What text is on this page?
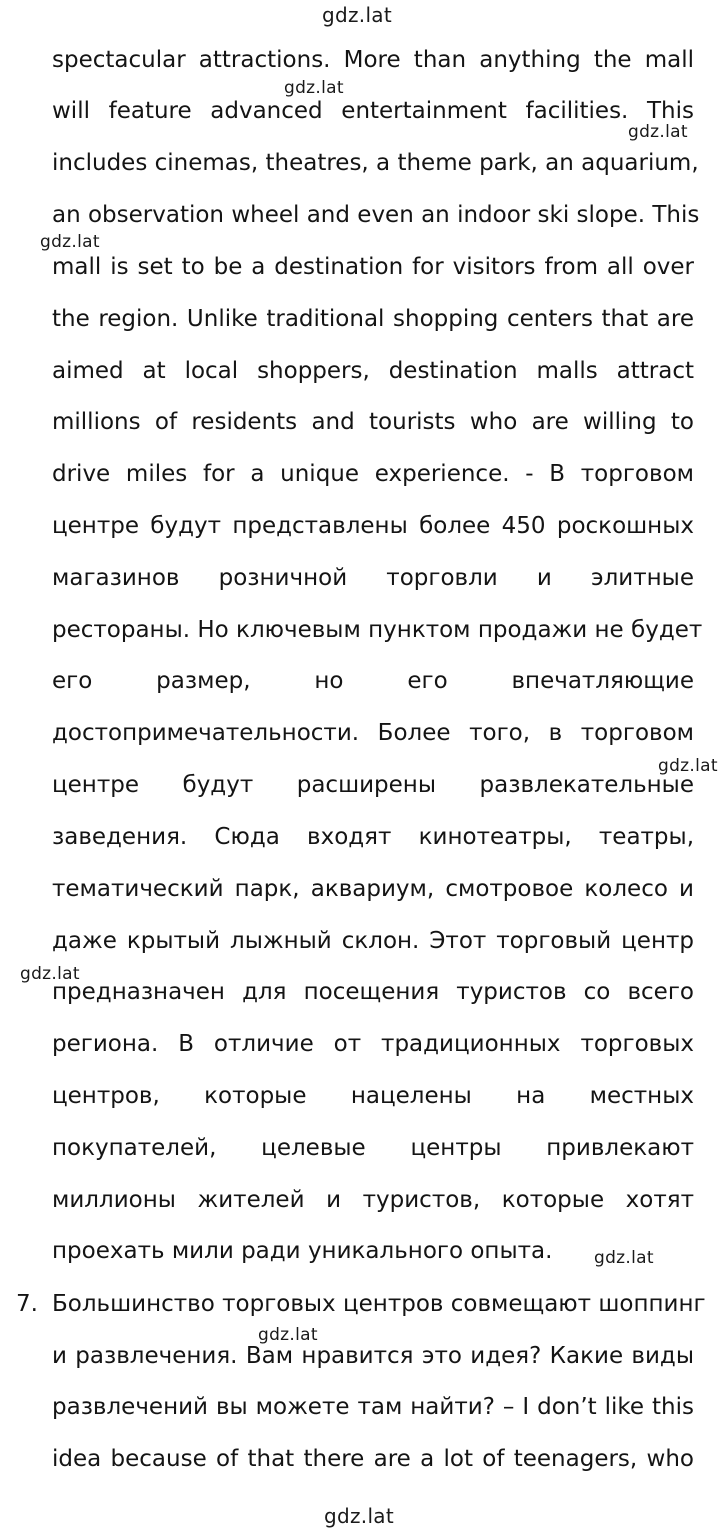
gdz.lat
gdz.lat
gdz.lat
gdz.lat
gdz.lat
gdz.lat
gdz.lat
gdz.lat
gdz.lat
spectacular attractions. More than anything the mall
will feature advanced entertainment facilities. This
includes cinemas, theatres, a theme park, an aquarium,
an observation wheel and even an indoor ski slope. This
mall is set to be a destination for visitors from all over
the region. Unlike traditional shopping centers that are
aimed at local shoppers, destination malls attract
millions of residents and tourists who are willing to
drive miles for a unique experience. - В торговом
центре будут представлены более 450 роскошных
магазинов розничной торговли и элитные
рестораны. Но ключевым пунктом продажи не будет
его размер, но его впечатляющие
достопримечательности. Более того, в торговом
центре будут расширены развлекательные
заведения. Сюда входят кинотеатры, театры,
тематический парк, аквариум, смотровое колесо и
даже крытый лыжный склон. Этот торговый центр
предназначен для посещения туристов со всего
региона. В отличие от традиционных торговых
центров, которые нацелены на местных
покупателей, целевые центры привлекают
миллионы жителей и туристов, которые хотят
проехать мили ради уникального опыта.
7. Большинство торговых центров совмещают шоппинг
и развлечения. Вам нравится это идея? Какие виды
развлечений вы можете там найти? – I don’t like this
idea because of that there are a lot of teenagers, who
